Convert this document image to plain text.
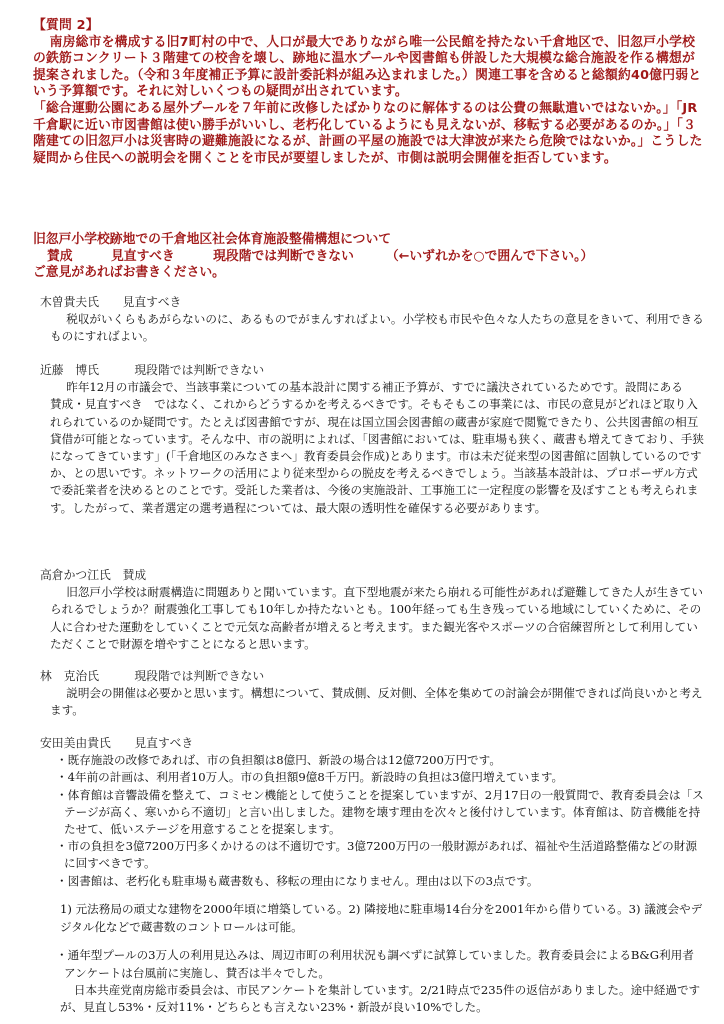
【質問 2】

南房総市を構成する旧7町村の中で、人口が最大でありながら唯一公民館を持たない千倉地区で、旧忽戸小学校の鉄筋コンクリート３階建ての校舎を壊し、跡地に温水プールや図書館も併設した大規模な総合施設を作る構想が提案されました。（令和３年度補正予算に設計委託料が組み込まれました。）関連工事を含めると総額約40億円弱という予算額です。それに対しいくつもの疑問が出されています。

「総合運動公園にある屋外プールを７年前に改修したばかりなのに解体するのは公費の無駄遣いではないか。」「JR千倉駅に近い市図書館は使い勝手がいいし、老朽化しているようにも見えないが、移転する必要があるのか。」「３階建ての旧忽戸小は災害時の避難施設になるが、計画の平屋の施設では大津波が来たら危険ではないか。」こうした疑問から住民への説明会を開くことを市民が要望しましたが、市側は説明会開催を拒否しています。

旧忽戸小学校跡地での千倉地区社会体育施設整備構想について

賛成　　　見直すべき　　　現段階では判断できない　　　（←いずれかを○で囲んで下さい。）

ご意見があればお書きください。

木曽貴夫氏　　見直すべき

税収がいくらもあがらないのに、あるものでがまんすればよい。小学校も市民や色々な人たちの意見をきいて、利用できるものにすればよい。

近藤　博氏　　　現段階では判断できない

昨年12月の市議会で、当該事業についての基本設計に関する補正予算が、すでに議決されているためです。設問にある　賛成・見直すべき　ではなく、これからどうするかを考えるべきです。そもそもこの事業には、市民の意見がどれほど取り入れられているのか疑問です。たとえば図書館ですが、現在は国立国会図書館の蔵書が家庭で閲覧できたり、公共図書館の相互貸借が可能となっています。そんな中、市の説明によれば、「図書館においては、駐車場も狭く、蔵書も増えてきており、手狭になってきています」(「千倉地区のみなさまへ」教育委員会作成)とあります。市は未だ従来型の図書館に固執しているのですか、との思いです。ネットワークの活用により従来型からの脱皮を考えるべきでしょう。当該基本設計は、プロポーザル方式で委託業者を決めるとのことです。受託した業者は、今後の実施設計、工事施工に一定程度の影響を及ぼすことも考えられます。したがって、業者選定の選考過程については、最大限の透明性を確保する必要があります。

高倉かつ江氏　賛成

旧忽戸小学校は耐震構造に問題ありと聞いています。直下型地震が来たら崩れる可能性があれば避難してきた人が生きていられるでしょうか？耐震強化工事しても10年しか持たないとも。100年経っても生き残っている地域にしていくために、その人に合わせた運動をしていくことで元気な高齢者が増えると考えます。また観光客やスポーツの合宿練習所として利用していただくことで財源を増やすことになると思います。

林　克治氏　　　現段階では判断できない

説明会の開催は必要かと思います。構想について、賛成側、反対側、全体を集めての討論会が開催できれば尚良いかと考えます。

安田美由貴氏　　見直すべき

・ 既存施設の改修であれば、市の負担額は8億円、新設の場合は12億7200万円です。
・ 4年前の計画は、利用者10万人。市の負担額9億8千万円。新設時の負担は3億円増えています。
・ 体育館は音響設備を整えて、コミセン機能として使うことを提案していますが、2月17日の一般質問で、教育委員会は「ステージが高く、寒いから不適切」と言い出しました。建物を壊す理由を次々と後付けしています。体育館は、防音機能を持たせて、低いステージを用意することを提案します。
・ 市の負担を3億7200万円多くかけるのは不適切です。3億7200万円の一般財源があれば、福祉や生活道路整備などの財源に回すべきです。
・ 図書館は、老朽化も駐車場も蔵書数も、移転の理由になりません。理由は以下の3点です。

1) 元法務局の頑丈な建物を2000年頃に増築している。2) 隣接地に駐車場14台分を2001年から借りている。3) 議渡会やデジタル化などで蔵書数のコントロールは可能。

・ 通年型プールの3万人の利用見込みは、周辺市町の利用状況も調べずに試算していました。教育委員会によるB&G利用者アンケートは台風前に実施し、賛否は半々でした。

日本共産党南房総市委員会は、市民アンケートを集計しています。2/21時点で235件の返信がありました。途中経過ですが、見直し53%・反対11%・どちらとも言えない23%・新設が良い10%でした。
